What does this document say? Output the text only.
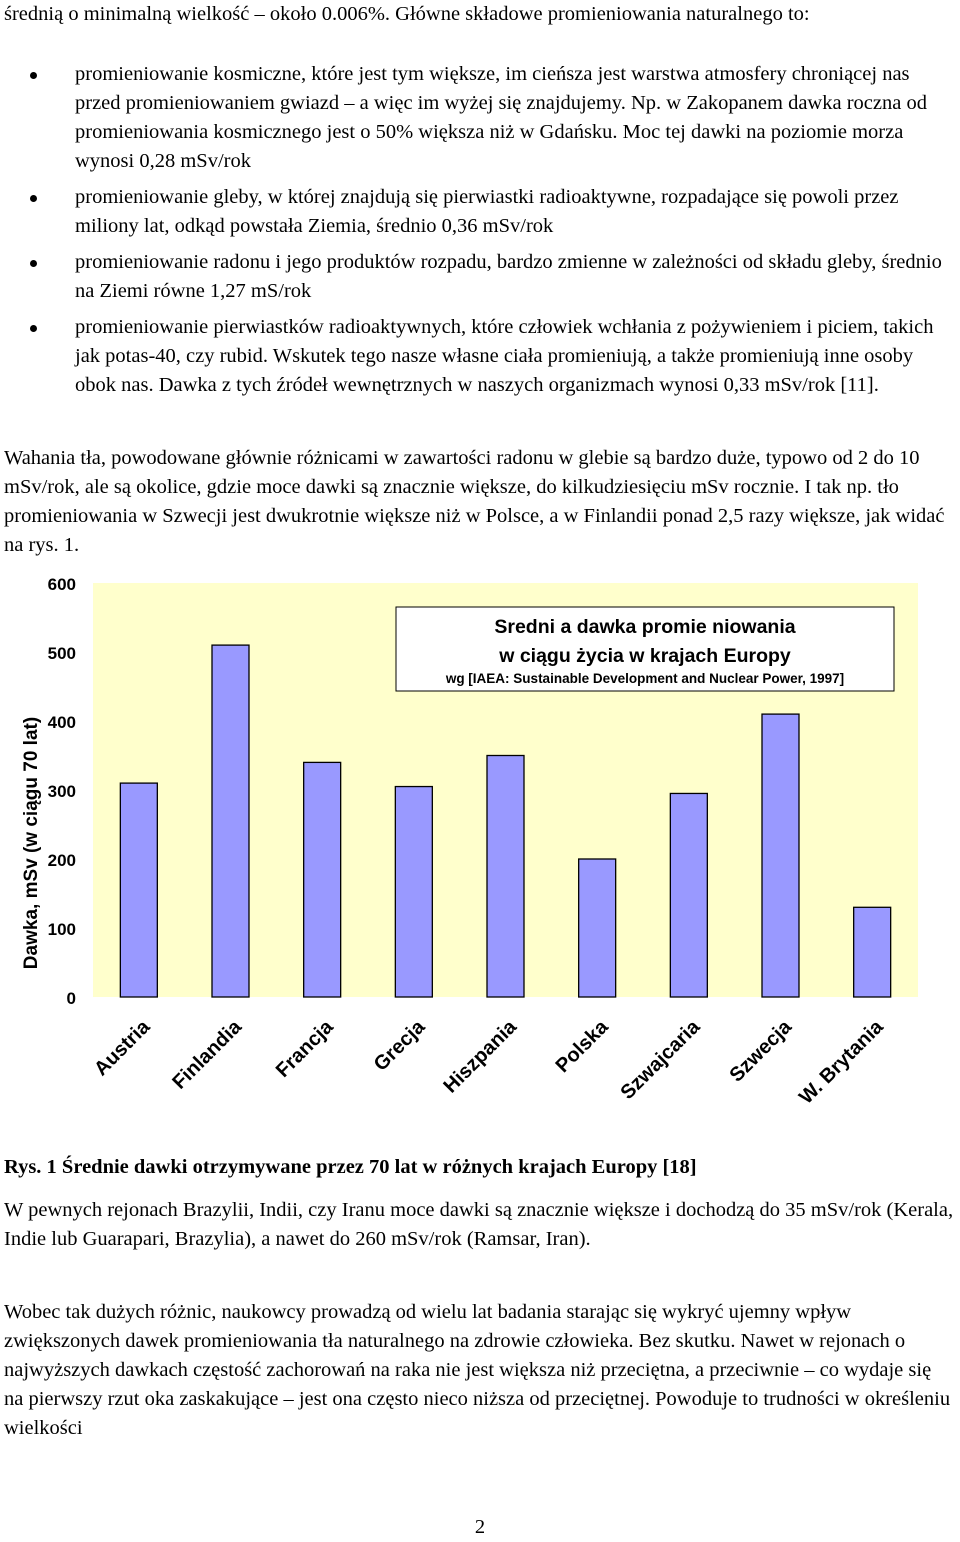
średnią o minimalną wielkość – około 0.006%. Główne składowe promieniowania naturalnego to:

promieniowanie kosmiczne, które jest tym większe, im cieńsza jest warstwa atmosfery chroniącej nas przed promieniowaniem gwiazd – a więc im wyżej się znajdujemy. Np. w Zakopanem dawka roczna od promieniowania kosmicznego jest o 50% większa niż w Gdańsku. Moc tej dawki na poziomie morza wynosi 0,28 mSv/rok
promieniowanie gleby, w której znajdują się pierwiastki radioaktywne, rozpadające się powoli przez miliony lat, odkąd powstała Ziemia, średnio 0,36 mSv/rok
promieniowanie radonu i jego produktów rozpadu, bardzo zmienne w zależności od składu gleby, średnio na Ziemi równe 1,27 mS/rok
promieniowanie pierwiastków radioaktywnych, które człowiek wchłania z pożywieniem i piciem, takich jak potas-40, czy rubid. Wskutek tego nasze własne ciała promieniują, a także promieniują inne osoby obok nas. Dawka z tych źródeł wewnętrznych w naszych organizmach wynosi 0,33 mSv/rok [11].

Wahania tła, powodowane głównie różnicami w zawartości radonu w glebie są bardzo duże, typowo od 2 do 10 mSv/rok, ale są okolice, gdzie moce dawki są znacznie większe, do kilkudziesięciu mSv rocznie. I tak np. tło promieniowania w Szwecji jest dwukrotnie większe niż w Polsce, a w Finlandii ponad 2,5 razy większe, jak widać na rys. 1.

0
100
200
300
400
500
600
Austria Finlandia Francja Grecja Hiszpania Polska Szwajcaria Szwecja W. Brytania
Dawka, mSv (w ciągu 70 lat)
Sredni a dawka promie niowania
w ciągu życia w krajach Europy
wg [IAEA: Sustainable Development and Nuclear Power, 1997]

Rys. 1 Średnie dawki otrzymywane przez 70 lat w różnych krajach Europy [18]

W pewnych rejonach Brazylii, Indii, czy Iranu moce dawki są znacznie większe i dochodzą do 35 mSv/rok (Kerala, Indie lub Guarapari, Brazylia), a nawet do 260 mSv/rok (Ramsar, Iran).

Wobec tak dużych różnic, naukowcy prowadzą od wielu lat badania starając się wykryć ujemny wpływ zwiększonych dawek promieniowania tła naturalnego na zdrowie człowieka. Bez skutku. Nawet w rejonach o najwyższych dawkach częstość zachorowań na raka nie jest większa niż przeciętna, a przeciwnie – co wydaje się na pierwszy rzut oka zaskakujące – jest ona często nieco niższa od przeciętnej. Powoduje to trudności w określeniu wielkości

2
